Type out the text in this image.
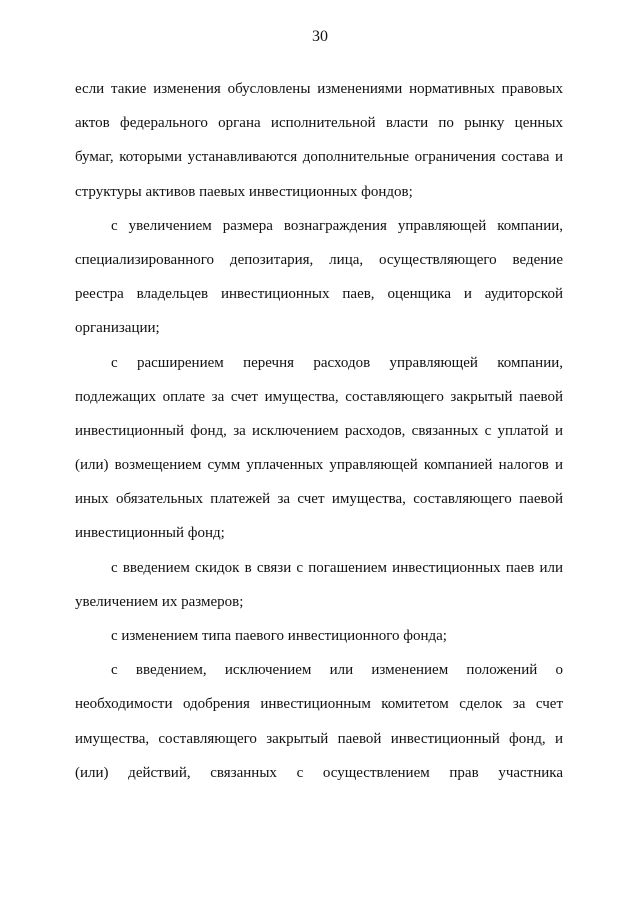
30
если такие изменения обусловлены изменениями нормативных правовых
актов федерального органа исполнительной власти по рынку ценных
бумаг, которыми устанавливаются дополнительные ограничения состава и
структуры активов паевых инвестиционных фондов;
с увеличением размера вознаграждения управляющей компании,
специализированного депозитария, лица, осуществляющего ведение
реестра владельцев инвестиционных паев, оценщика и аудиторской
организации;
с расширением перечня расходов управляющей компании,
подлежащих оплате за счет имущества, составляющего закрытый паевой
инвестиционный фонд, за исключением расходов, связанных с уплатой и
(или) возмещением сумм уплаченных управляющей компанией налогов и
иных обязательных платежей за счет имущества, составляющего паевой
инвестиционный фонд;
с введением скидок в связи с погашением инвестиционных паев или
увеличением их размеров;
с изменением типа паевого инвестиционного фонда;
с введением, исключением или изменением положений о
необходимости одобрения инвестиционным комитетом сделок за счет
имущества, составляющего закрытый паевой инвестиционный фонд, и
(или) действий, связанных с осуществлением прав участника
